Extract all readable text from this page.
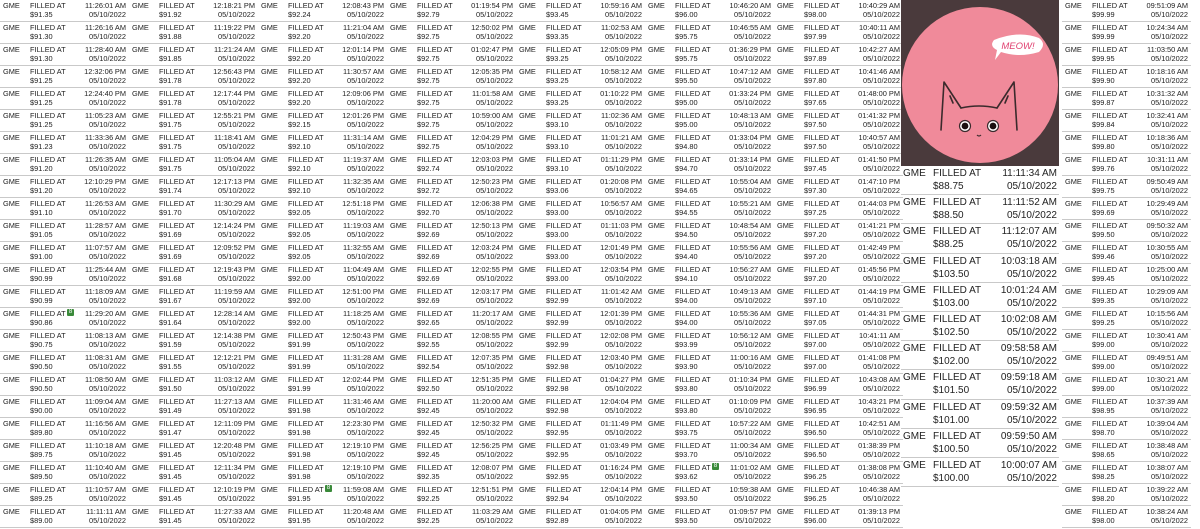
GME FILLED AT
$91.35
11:26:01 AM
05/10/2022
GME FILLED AT
$91.30
11:26:16 AM
05/10/2022
GME FILLED AT
$91.30
11:28:40 AM
05/10/2022
GME FILLED AT
$91.25
12:32:06 PM
05/10/2022
GME FILLED AT
$91.25
12:24:40 PM
05/10/2022
GME FILLED AT
$91.25
11:05:23 AM
05/10/2022
GME FILLED AT
$91.23
11:33:36 AM
05/10/2022
GME FILLED AT
$91.20
11:26:35 AM
05/10/2022
GME FILLED AT
$91.20
12:10:29 PM
05/10/2022
GME FILLED AT
$91.10
11:26:53 AM
05/10/2022
GME FILLED AT
$91.05
11:28:57 AM
05/10/2022
GME FILLED AT
$91.00
11:07:57 AM
05/10/2022
GME FILLED AT
$90.99
11:25:44 AM
05/10/2022
GME FILLED AT
$90.99
11:18:09 AM
05/10/2022
GME FILLED AT
$90.86
11:29:20 AM
05/10/2022
8
GME FILLED AT
$90.75
11:08:13 AM
05/10/2022
GME FILLED AT
$90.50
11:08:31 AM
05/10/2022
GME FILLED AT
$90.50
11:08:50 AM
05/10/2022
GME FILLED AT
$90.00
11:09:04 AM
05/10/2022
GME FILLED AT
$89.80
11:16:56 AM
05/10/2022
GME FILLED AT
$89.75
11:10:18 AM
05/10/2022
GME FILLED AT
$89.50
11:10:40 AM
05/10/2022
GME FILLED AT
$89.25
11:10:57 AM
05/10/2022
GME FILLED AT
$89.00
11:11:11 AM
05/10/2022
GME FILLED AT
$91.92
12:18:21 PM
05/10/2022
GME FILLED AT
$91.88
11:19:22 PM
05/10/2022
GME FILLED AT
$91.85
11:21:24 AM
05/10/2022
GME FILLED AT
$91.78
12:56:43 PM
05/10/2022
GME FILLED AT
$91.78
12:17:44 PM
05/10/2022
GME FILLED AT
$91.75
12:55:21 PM
05/10/2022
GME FILLED AT
$91.75
11:18:41 AM
05/10/2022
GME FILLED AT
$91.75
11:05:04 AM
05/10/2022
GME FILLED AT
$91.74
12:17:13 PM
05/10/2022
GME FILLED AT
$91.70
11:30:29 AM
05/10/2022
GME FILLED AT
$91.69
12:14:24 PM
05/10/2022
GME FILLED AT
$91.69
12:09:52 PM
05/10/2022
GME FILLED AT
$91.68
12:19:43 PM
05/10/2022
GME FILLED AT
$91.67
11:19:59 AM
05/10/2022
GME FILLED AT
$91.64
12:28:14 AM
05/10/2022
GME FILLED AT
$91.59
12:14:38 PM
05/10/2022
GME FILLED AT
$91.55
12:12:21 PM
05/10/2022
GME FILLED AT
$91.50
11:03:12 AM
05/10/2022
GME FILLED AT
$91.49
11:27:13 AM
05/10/2022
GME FILLED AT
$91.47
12:11:09 PM
05/10/2022
GME FILLED AT
$91.45
12:20:48 PM
05/10/2022
GME FILLED AT
$91.45
12:11:34 PM
05/10/2022
GME FILLED AT
$91.45
12:10:19 PM
05/10/2022
GME FILLED AT
$91.45
11:27:33 AM
05/10/2022
GME FILLED AT
$92.24
12:08:43 PM
05/10/2022
GME FILLED AT
$92.20
11:21:04 AM
05/10/2022
GME FILLED AT
$92.20
12:01:14 PM
05/10/2022
GME FILLED AT
$92.20
11:30:57 AM
05/10/2022
GME FILLED AT
$92.20
12:09:06 PM
05/10/2022
GME FILLED AT
$92.15
12:01:26 PM
05/10/2022
GME FILLED AT
$92.10
11:31:14 AM
05/10/2022
GME FILLED AT
$92.10
11:19:37 AM
05/10/2022
GME FILLED AT
$92.10
11:32:35 AM
05/10/2022
GME FILLED AT
$92.05
12:51:18 PM
05/10/2022
GME FILLED AT
$92.05
11:19:03 AM
05/10/2022
GME FILLED AT
$92.05
11:32:55 AM
05/10/2022
GME FILLED AT
$92.00
11:04:49 AM
05/10/2022
GME FILLED AT
$92.00
12:51:00 PM
05/10/2022
GME FILLED AT
$92.00
11:18:25 AM
05/10/2022
GME FILLED AT
$91.99
12:50:43 PM
05/10/2022
GME FILLED AT
$91.99
11:31:28 AM
05/10/2022
GME FILLED AT
$91.99
12:02:44 PM
05/10/2022
GME FILLED AT
$91.98
11:31:46 AM
05/10/2022
GME FILLED AT
$91.98
12:23:30 PM
05/10/2022
GME FILLED AT
$91.98
12:19:10 PM
05/10/2022
GME FILLED AT
$91.98
12:19:10 PM
05/10/2022
GME FILLED AT
$91.95
11:59:08 AM
05/10/2022
8
GME FILLED AT
$91.95
11:20:48 AM
05/10/2022
GME FILLED AT
$92.79
01:19:54 PM
05/10/2022
GME FILLED AT
$92.75
12:50:02 PM
05/10/2022
GME FILLED AT
$92.75
01:02:47 PM
05/10/2022
GME FILLED AT
$92.75
12:05:35 PM
05/10/2022
GME FILLED AT
$92.75
11:01:58 AM
05/10/2022
GME FILLED AT
$92.75
10:59:00 AM
05/10/2022
GME FILLED AT
$92.75
12:04:29 PM
05/10/2022
GME FILLED AT
$92.74
12:03:03 PM
05/10/2022
GME FILLED AT
$92.72
12:50:23 PM
05/10/2022
GME FILLED AT
$92.70
12:06:38 PM
05/10/2022
GME FILLED AT
$92.69
12:50:13 PM
05/10/2022
GME FILLED AT
$92.69
12:03:24 PM
05/10/2022
GME FILLED AT
$92.69
12:02:55 PM
05/10/2022
GME FILLED AT
$92.69
12:03:17 PM
05/10/2022
GME FILLED AT
$92.65
11:20:17 AM
05/10/2022
GME FILLED AT
$92.55
12:08:55 PM
05/10/2022
GME FILLED AT
$92.54
12:07:35 PM
05/10/2022
GME FILLED AT
$92.50
12:51:35 PM
05/10/2022
GME FILLED AT
$92.45
11:20:00 AM
05/10/2022
GME FILLED AT
$92.45
12:50:32 PM
05/10/2022
GME FILLED AT
$92.45
12:56:25 PM
05/10/2022
GME FILLED AT
$92.35
12:08:07 PM
05/10/2022
GME FILLED AT
$92.25
12:51:51 PM
05/10/2022
GME FILLED AT
$92.25
11:03:29 AM
05/10/2022
GME FILLED AT
$93.45
10:59:16 AM
05/10/2022
GME FILLED AT
$93.35
11:02:53 AM
05/10/2022
GME FILLED AT
$93.25
12:05:09 PM
05/10/2022
GME FILLED AT
$93.25
10:58:12 AM
05/10/2022
GME FILLED AT
$93.25
01:10:22 PM
05/10/2022
GME FILLED AT
$93.10
11:02:36 AM
05/10/2022
GME FILLED AT
$93.10
11:01:21 AM
05/10/2022
GME FILLED AT
$93.10
01:11:29 PM
05/10/2022
GME FILLED AT
$93.06
01:20:08 PM
05/10/2022
GME FILLED AT
$93.00
10:56:57 AM
05/10/2022
GME FILLED AT
$93.00
01:11:03 PM
05/10/2022
GME FILLED AT
$93.00
12:01:49 PM
05/10/2022
GME FILLED AT
$93.00
12:03:54 PM
05/10/2022
GME FILLED AT
$92.99
11:01:42 AM
05/10/2022
GME FILLED AT
$92.99
12:01:39 PM
05/10/2022
GME FILLED AT
$92.99
12:02:08 PM
05/10/2022
GME FILLED AT
$92.98
12:03:40 PM
05/10/2022
GME FILLED AT
$92.98
01:04:27 PM
05/10/2022
GME FILLED AT
$92.98
12:04:04 PM
05/10/2022
GME FILLED AT
$92.95
01:11:49 PM
05/10/2022
GME FILLED AT
$92.95
01:03:49 PM
05/10/2022
GME FILLED AT
$92.95
01:16:24 PM
05/10/2022
GME FILLED AT
$92.94
12:04:14 PM
05/10/2022
GME FILLED AT
$92.89
01:04:05 PM
05/10/2022
GME FILLED AT
$96.00
10:46:20 AM
05/10/2022
GME FILLED AT
$95.75
10:46:55 AM
05/10/2022
GME FILLED AT
$95.75
01:36:29 PM
05/10/2022
GME FILLED AT
$95.50
10:47:12 AM
05/10/2022
GME FILLED AT
$95.00
01:33:24 PM
05/10/2022
GME FILLED AT
$95.00
10:48:13 AM
05/10/2022
GME FILLED AT
$94.80
01:33:04 PM
05/10/2022
GME FILLED AT
$94.70
01:33:14 PM
05/10/2022
GME FILLED AT
$94.65
10:55:04 AM
05/10/2022
GME FILLED AT
$94.55
10:55:21 AM
05/10/2022
GME FILLED AT
$94.50
10:48:54 AM
05/10/2022
GME FILLED AT
$94.40
10:55:56 AM
05/10/2022
GME FILLED AT
$94.10
10:56:27 AM
05/10/2022
GME FILLED AT
$94.00
10:49:13 AM
05/10/2022
GME FILLED AT
$94.00
10:55:36 AM
05/10/2022
GME FILLED AT
$93.99
10:56:12 AM
05/10/2022
GME FILLED AT
$93.90
11:00:16 AM
05/10/2022
GME FILLED AT
$93.80
01:10:34 PM
05/10/2022
GME FILLED AT
$93.80
01:10:09 PM
05/10/2022
GME FILLED AT
$93.75
10:57:22 AM
05/10/2022
GME FILLED AT
$93.70
11:00:34 AM
05/10/2022
GME FILLED AT
$93.62
11:01:02 AM
05/10/2022
8
GME FILLED AT
$93.50
10:59:38 AM
05/10/2022
GME FILLED AT
$93.50
01:09:57 PM
05/10/2022
GME FILLED AT
$98.00
10:40:29 AM
05/10/2022
GME FILLED AT
$97.99
10:40:11 AM
05/10/2022
GME FILLED AT
$97.89
10:42:27 AM
05/10/2022
GME FILLED AT
$97.80
10:41:46 AM
05/10/2022
GME FILLED AT
$97.65
01:48:00 PM
05/10/2022
GME FILLED AT
$97.50
01:41:32 PM
05/10/2022
GME FILLED AT
$97.50
10:40:57 AM
05/10/2022
GME FILLED AT
$97.45
01:41:50 PM
05/10/2022
GME FILLED AT
$97.30
01:47:10 PM
05/10/2022
GME FILLED AT
$97.25
01:44:03 PM
05/10/2022
GME FILLED AT
$97.20
01:41:21 PM
05/10/2022
GME FILLED AT
$97.20
01:42:49 PM
05/10/2022
GME FILLED AT
$97.20
01:45:56 PM
05/10/2022
GME FILLED AT
$97.10
01:44:19 PM
05/10/2022
GME FILLED AT
$97.05
01:44:31 PM
05/10/2022
GME FILLED AT
$97.00
10:41:11 AM
05/10/2022
GME FILLED AT
$97.00
01:41:08 PM
05/10/2022
GME FILLED AT
$96.99
10:43:08 AM
05/10/2022
GME FILLED AT
$96.95
10:43:21 PM
05/10/2022
GME FILLED AT
$96.50
10:42:51 AM
05/10/2022
GME FILLED AT
$96.50
01:38:39 PM
05/10/2022
GME FILLED AT
$96.25
01:38:08 PM
05/10/2022
GME FILLED AT
$96.25
10:46:38 AM
05/10/2022
GME FILLED AT
$96.00
01:39:13 PM
05/10/2022
GME FILLED AT
$99.99
09:51:09 AM
05/10/2022
GME FILLED AT
$99.99
10:24:34 AM
05/10/2022
GME FILLED AT
$99.95
11:03:50 AM
05/10/2022
GME FILLED AT
$99.90
10:18:16 AM
05/10/2022
GME FILLED AT
$99.87
10:31:32 AM
05/10/2022
GME FILLED AT
$99.84
10:32:41 AM
05/10/2022
GME FILLED AT
$99.80
10:18:36 AM
05/10/2022
GME FILLED AT
$99.76
10:31:11 AM
05/10/2022
GME FILLED AT
$99.75
09:50:49 AM
05/10/2022
GME FILLED AT
$99.69
10:29:49 AM
05/10/2022
GME FILLED AT
$99.50
09:50:32 AM
05/10/2022
GME FILLED AT
$99.46
10:30:55 AM
05/10/2022
GME FILLED AT
$99.45
10:25:00 AM
05/10/2022
GME FILLED AT
$99.35
10:29:09 AM
05/10/2022
GME FILLED AT
$99.25
10:15:56 AM
05/10/2022
GME FILLED AT
$99.00
10:30:41 AM
05/10/2022
GME FILLED AT
$99.00
09:49:51 AM
05/10/2022
GME FILLED AT
$99.00
10:30:21 AM
05/10/2022
GME FILLED AT
$98.95
10:37:39 AM
05/10/2022
GME FILLED AT
$98.70
10:39:04 AM
05/10/2022
GME FILLED AT
$98.65
10:38:48 AM
05/10/2022
GME FILLED AT
$98.25
10:38:07 AM
05/10/2022
GME FILLED AT
$98.20
10:39:22 AM
05/10/2022
GME FILLED AT
$98.00
10:38:24 AM
05/10/2022
MEOW!
GME FILLED AT
$88.75
11:11:34 AM
05/10/2022
GME FILLED AT
$88.50
11:11:52 AM
05/10/2022
GME FILLED AT
$88.25
11:12:07 AM
05/10/2022
GME FILLED AT
$103.50
10:03:18 AM
05/10/2022
GME FILLED AT
$103.00
10:01:24 AM
05/10/2022
GME FILLED AT
$102.50
10:02:08 AM
05/10/2022
GME FILLED AT
$102.00
09:58:58 AM
05/10/2022
GME FILLED AT
$101.50
09:59:18 AM
05/10/2022
GME FILLED AT
$101.00
09:59:32 AM
05/10/2022
GME FILLED AT
$100.50
09:59:50 AM
05/10/2022
GME FILLED AT
$100.00
10:00:07 AM
05/10/2022
